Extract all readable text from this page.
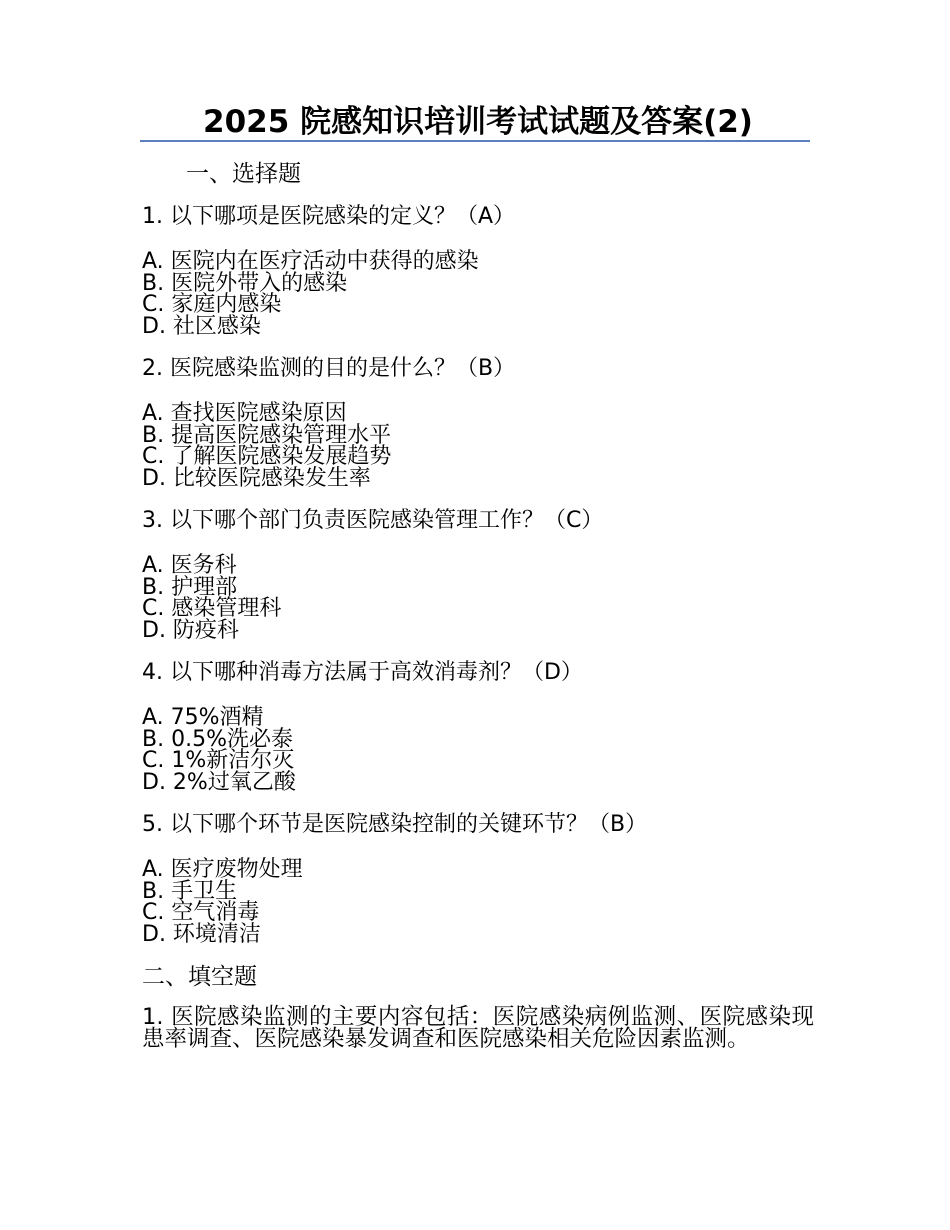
2025 院感知识培训考试试题及答案(2)
一、选择题
1. 以下哪项是医院感染的定义？（A）
A. 医院内在医疗活动中获得的感染
B. 医院外带入的感染
C. 家庭内感染
D. 社区感染
2. 医院感染监测的目的是什么？（B）
A. 查找医院感染原因
B. 提高医院感染管理水平
C. 了解医院感染发展趋势
D. 比较医院感染发生率
3. 以下哪个部门负责医院感染管理工作？（C）
A. 医务科
B. 护理部
C. 感染管理科
D. 防疫科
4. 以下哪种消毒方法属于高效消毒剂？（D）
A. 75%酒精
B. 0.5%洗必泰
C. 1%新洁尔灭
D. 2%过氧乙酸
5. 以下哪个环节是医院感染控制的关键环节？（B）
A. 医疗废物处理
B. 手卫生
C. 空气消毒
D. 环境清洁
二、填空题
1. 医院感染监测的主要内容包括：医院感染病例监测、医院感染现患率调查、医院感染暴发调查和医院感染相关危险因素监测。
